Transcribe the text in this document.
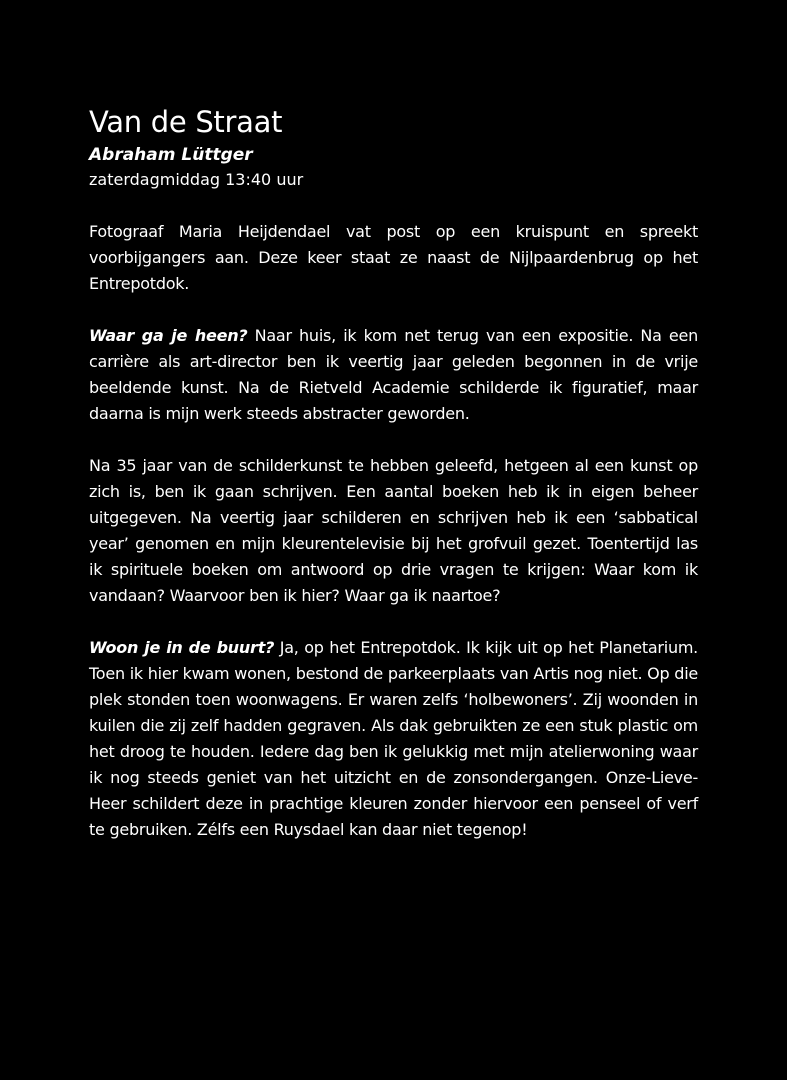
Van de Straat
Abraham Lüttger
zaterdagmiddag 13:40 uur

Fotograaf Maria Heijdendael vat post op een kruispunt en spreekt voorbijgangers aan. Deze keer staat ze naast de Nijlpaardenbrug op het Entrepotdok.

Waar ga je heen? Naar huis, ik kom net terug van een expositie. Na een carrière als art-director ben ik veertig jaar geleden begonnen in de vrije beeldende kunst. Na de Rietveld Academie schilderde ik figuratief, maar daarna is mijn werk steeds abstracter geworden.

Na 35 jaar van de schilderkunst te hebben geleefd, hetgeen al een kunst op zich is, ben ik gaan schrijven. Een aantal boeken heb ik in eigen beheer uitgegeven. Na veertig jaar schilderen en schrijven heb ik een ‘sabbatical year’ genomen en mijn kleurentelevisie bij het grofvuil gezet. Toentertijd las ik spirituele boeken om antwoord op drie vragen te krijgen: Waar kom ik vandaan? Waarvoor ben ik hier? Waar ga ik naartoe?

Woon je in de buurt? Ja, op het Entrepotdok. Ik kijk uit op het Planetarium. Toen ik hier kwam wonen, bestond de parkeerplaats van Artis nog niet. Op die plek stonden toen woonwagens. Er waren zelfs ‘holbewoners’. Zij woonden in kuilen die zij zelf hadden gegraven. Als dak gebruikten ze een stuk plastic om het droog te houden. Iedere dag ben ik gelukkig met mijn atelierwoning waar ik nog steeds geniet van het uitzicht en de zonsondergangen. Onze-Lieve-Heer schildert deze in prachtige kleuren zonder hiervoor een penseel of verf te gebruiken. Zélfs een Ruysdael kan daar niet tegenop!
